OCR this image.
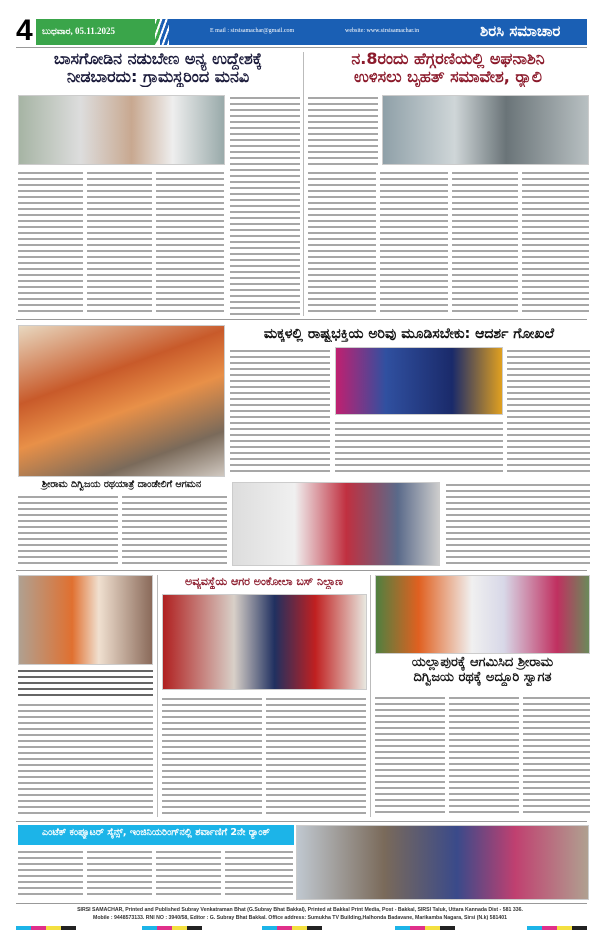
4 ಬುಧವಾರ, 05.11.2025	E mail : sirsisamachar@gmail.com	website: www.sirsisamachar.in	ಶಿರಸಿ ಸಮಾಚಾರ
ಬಾಸಗೋಡಿನ ನಡುಬೇಣ ಅನ್ಯ ಉದ್ದೇಶಕ್ಕೆ
ನೀಡಬಾರದು: ಗ್ರಾಮಸ್ಥರಿಂದ ಮನವಿ
ನ.8ರಂದು ಹೆಗ್ಗರಣಿಯಲ್ಲಿ ಅಘನಾಶಿನಿ
ಉಳಿಸಲು ಬೃಹತ್ ಸಮಾವೇಶ, ರ್‍ಯಾಲಿ
ಮಕ್ಕಳಲ್ಲಿ ರಾಷ್ಟ್ರಭಕ್ತಿಯ ಅರಿವು ಮೂಡಿಸಬೇಕು: ಆದರ್ಶ ಗೋಖಲೆ
ಶ್ರೀರಾಮ ದಿಗ್ವಿಜಯ ರಥಯಾತ್ರೆ ದಾಂಡೇಲಿಗೆ ಆಗಮನ
ಅವ್ಯವಸ್ಥೆಯ ಆಗರ ಅಂಕೋಲಾ ಬಸ್ ನಿಲ್ದಾಣ
ಯಲ್ಲಾಪುರಕ್ಕೆ ಆಗಮಿಸಿದ ಶ್ರೀರಾಮ
ದಿಗ್ವಿಜಯ ರಥಕ್ಕೆ ಅದ್ದೂರಿ ಸ್ವಾಗತ
ಎಂಟೆಕ್ ಕಂಪ್ಯೂಟರ್ ಸೈನ್ಸ್, ಇಂಜಿನಿಯರಿಂಗ್‌ನಲ್ಲಿ ಶರ್ವಾಣಿಗೆ 2ನೇ ರ್‍ಯಾಂಕ್
SIRSI SAMACHAR, Printed and Published Subray Venkatraman Bhat (G.Subray Bhat Bakkal), Printed at Bakkal Print Media, Post - Bakkal, SIRSI Taluk, Uttara Kannada Dist - 581 336.
Mobile : 9448573133. RNI NO : 3940/58, Editor : G. Subray Bhat Bakkal. Office address: Sumukha TV Building,Halhonda Badavane, Marikamba Nagara, Sirsi (N.k) 581401
